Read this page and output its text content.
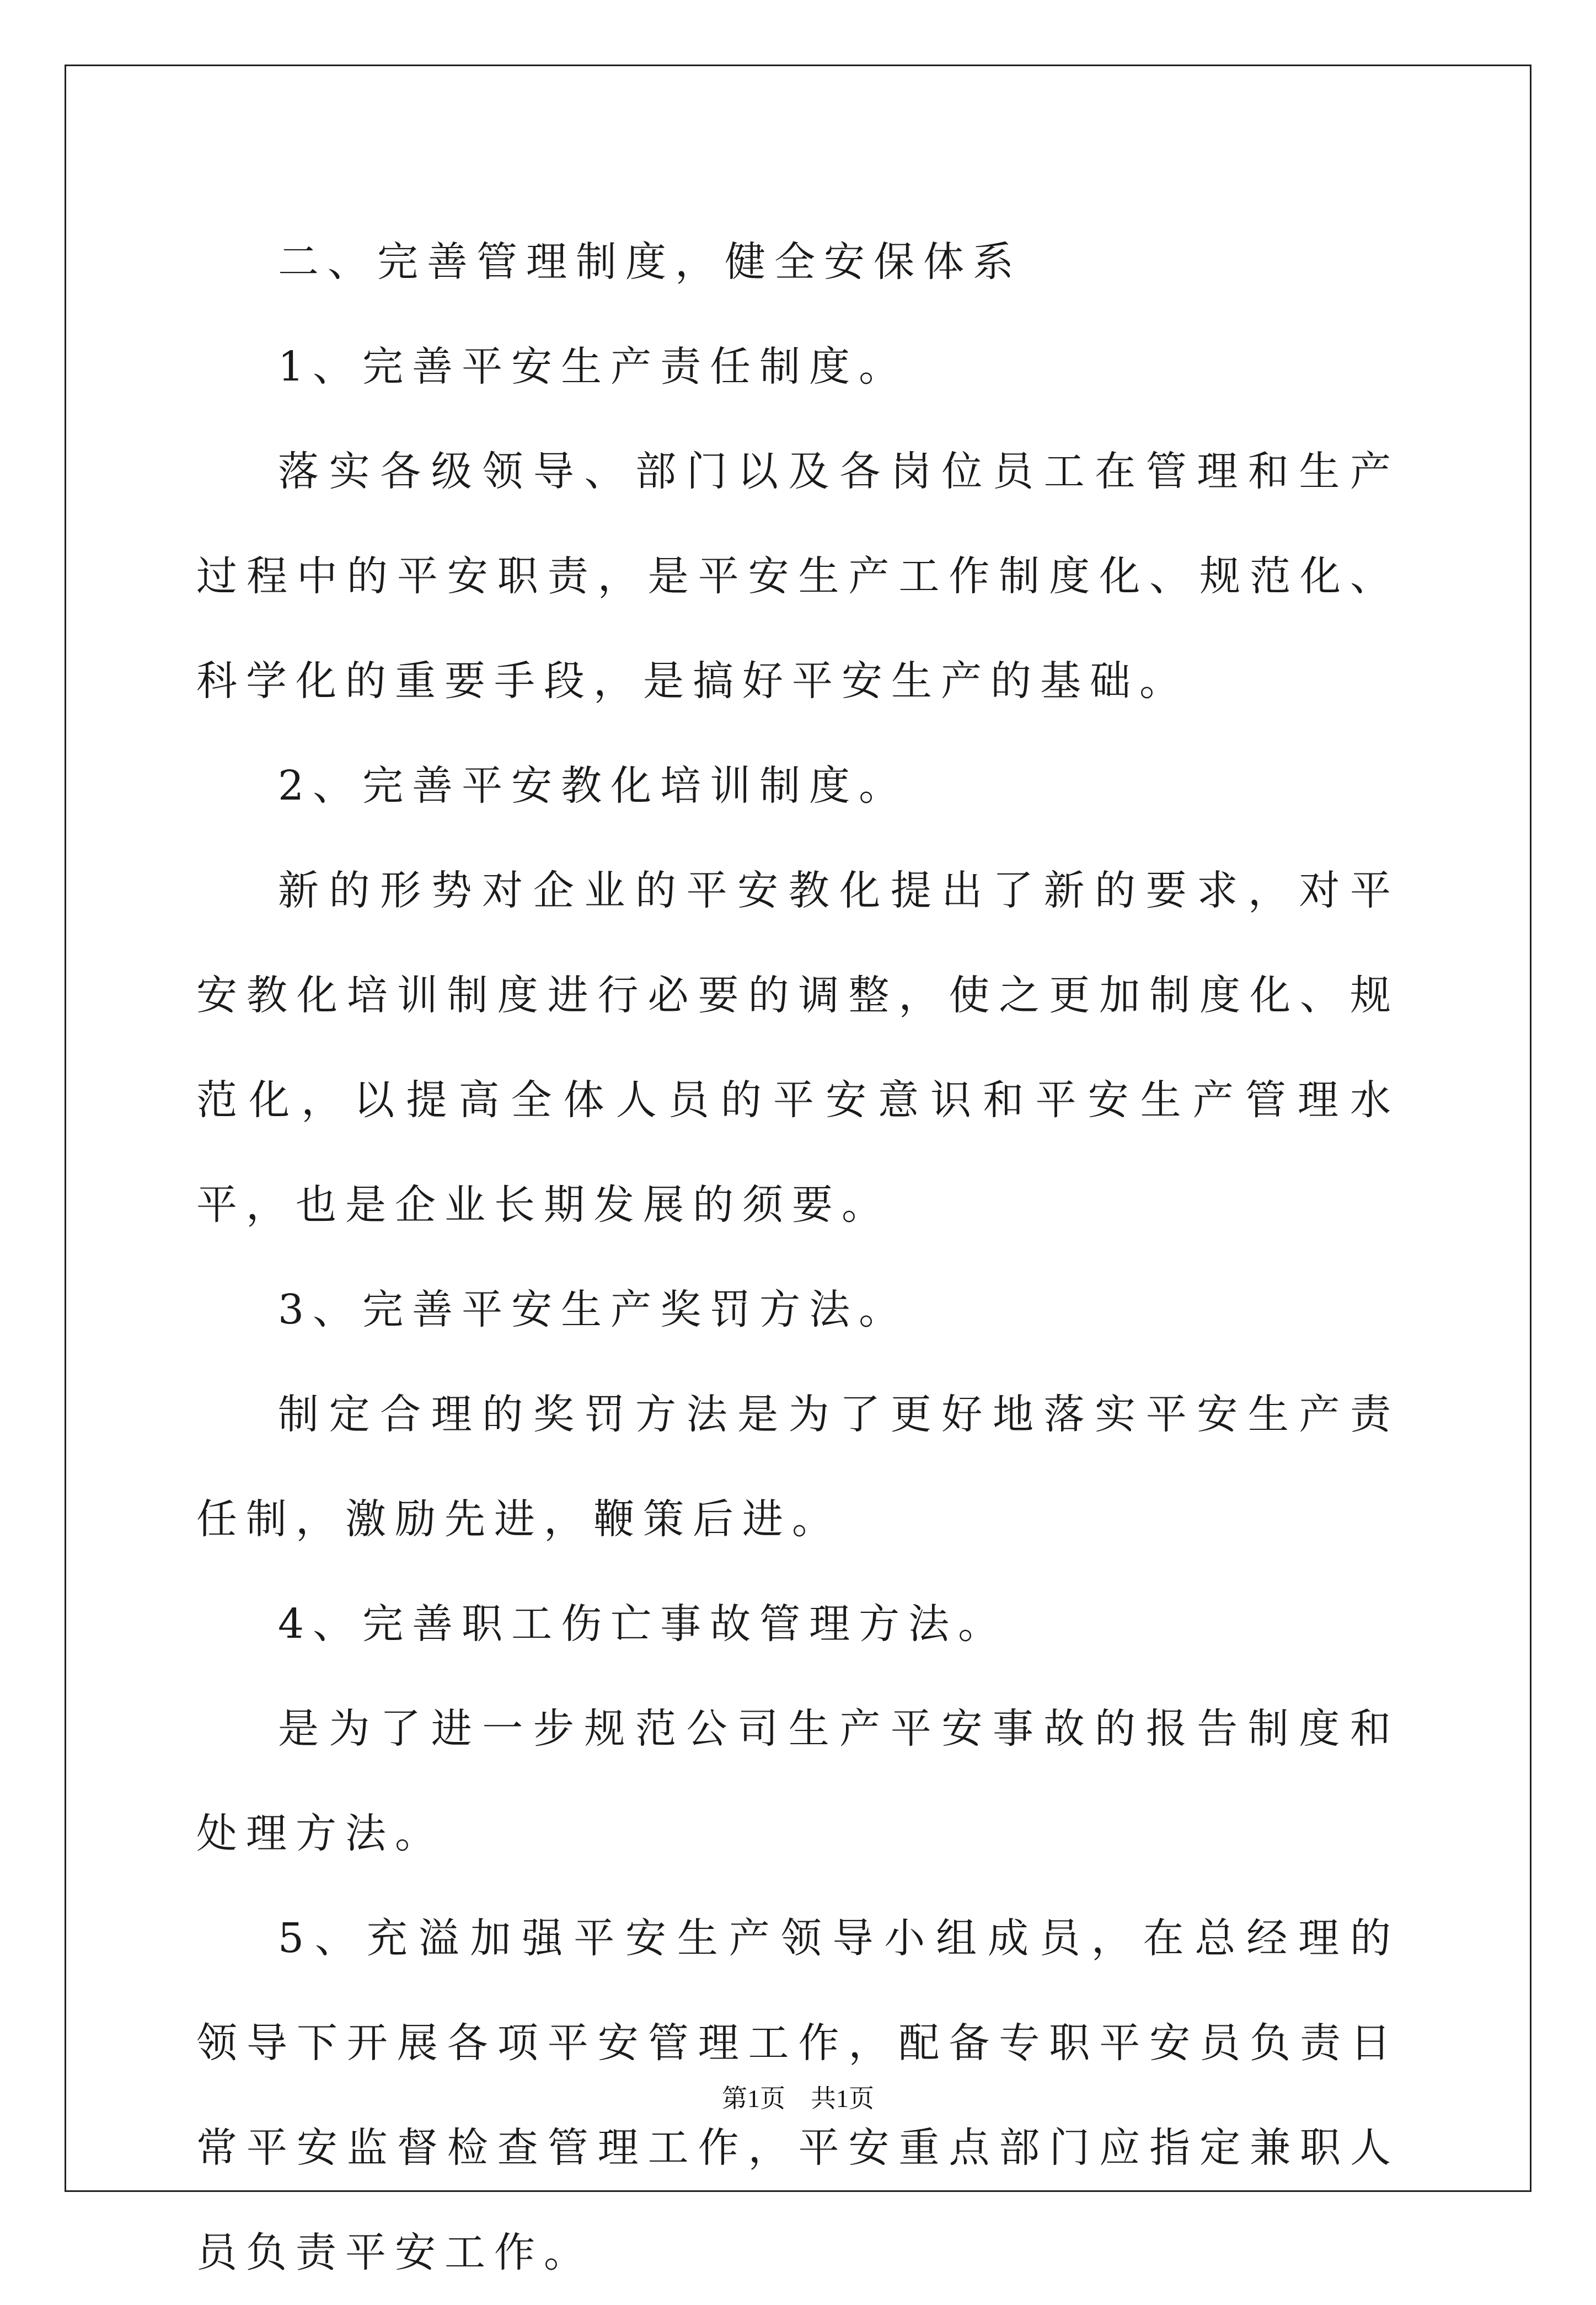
二、完善管理制度，健全安保体系

1、完善平安生产责任制度。

落实各级领导、部门以及各岗位员工在管理和生产过程中的平安职责，是平安生产工作制度化、规范化、科学化的重要手段，是搞好平安生产的基础。

2、完善平安教化培训制度。

新的形势对企业的平安教化提出了新的要求，对平安教化培训制度进行必要的调整，使之更加制度化、规范化，以提高全体人员的平安意识和平安生产管理水平，也是企业长期发展的须要。

3、完善平安生产奖罚方法。

制定合理的奖罚方法是为了更好地落实平安生产责任制，激励先进，鞭策后进。

4、完善职工伤亡事故管理方法。

是为了进一步规范公司生产平安事故的报告制度和处理方法。

5、充溢加强平安生产领导小组成员，在总经理的领导下开展各项平安管理工作，配备专职平安员负责日常平安监督检查管理工作，平安重点部门应指定兼职人员负责平安工作。

第1页 共1页
